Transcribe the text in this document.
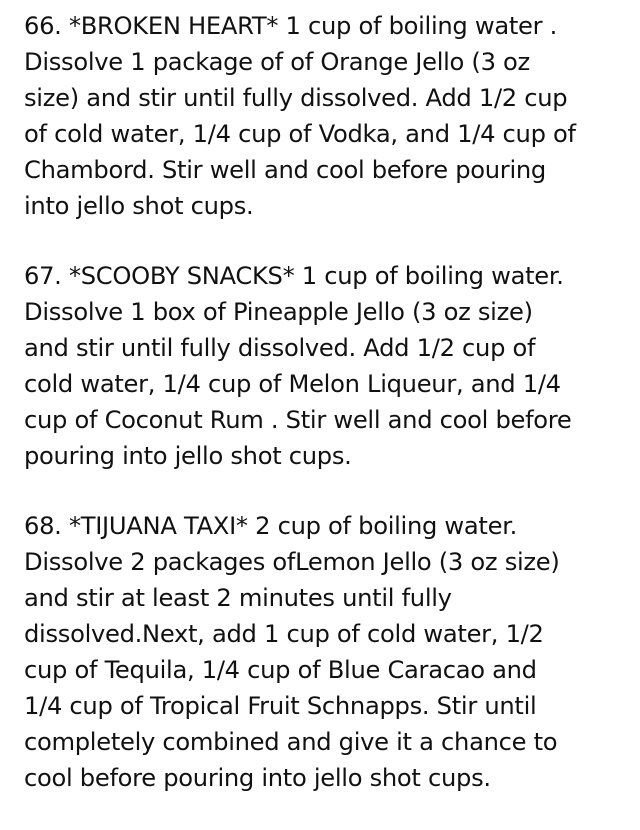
66. *BROKEN HEART* 1 cup of boiling water .
Dissolve 1 package of of Orange Jello (3 oz
size) and stir until fully dissolved. Add 1/2 cup
of cold water, 1/4 cup of Vodka, and 1/4 cup of
Chambord. Stir well and cool before pouring
into jello shot cups.
67. *SCOOBY SNACKS* 1 cup of boiling water.
Dissolve 1 box of Pineapple Jello (3 oz size)
and stir until fully dissolved. Add 1/2 cup of
cold water, 1/4 cup of Melon Liqueur, and 1/4
cup of Coconut Rum . Stir well and cool before
pouring into jello shot cups.
68. *TIJUANA TAXI* 2 cup of boiling water.
Dissolve 2 packages ofLemon Jello (3 oz size)
and stir at least 2 minutes until fully
dissolved.Next, add 1 cup of cold water, 1/2
cup of Tequila, 1/4 cup of Blue Caracao and
1/4 cup of Tropical Fruit Schnapps. Stir until
completely combined and give it a chance to
cool before pouring into jello shot cups.
